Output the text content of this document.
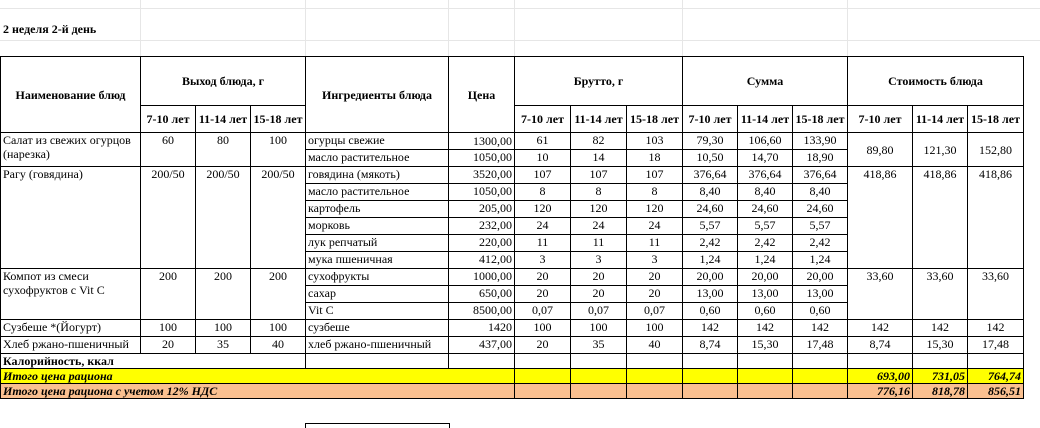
2 неделя 2-й день
Наименование блюд	Выход блюда, г			Ингредиенты блюда	Цена	Брутто, г			Сумма			Стоимость блюда		
	7-10 лет	11-14 лет	15-18 лет			7-10 лет	11-14 лет	15-18 лет	7-10 лет	11-14 лет	15-18 лет	7-10 лет	11-14 лет	15-18 лет
Салат из свежих огурцов (нарезка)	60	80	100	огурцы свежие	1300,00	61	82	103	79,30	106,60	133,90	89,80	121,30	152,80
				масло растительное	1050,00	10	14	18	10,50	14,70	18,90			
Рагу (говядина)	200/50	200/50	200/50	говядина (мякоть)	3520,00	107	107	107	376,64	376,64	376,64	418,86	418,86	418,86
				масло растительное	1050,00	8	8	8	8,40	8,40	8,40			
				картофель	205,00	120	120	120	24,60	24,60	24,60			
				морковь	232,00	24	24	24	5,57	5,57	5,57			
				лук репчатый	220,00	11	11	11	2,42	2,42	2,42			
				мука пшеничная	412,00	3	3	3	1,24	1,24	1,24			
Компот из смеси сухофруктов с Vit C	200	200	200	сухофрукты	1000,00	20	20	20	20,00	20,00	20,00	33,60	33,60	33,60
				сахар	650,00	20	20	20	13,00	13,00	13,00			
				Vit C	8500,00	0,07	0,07	0,07	0,60	0,60	0,60			
Сузбеше *(Йогурт)	100	100	100	сузбеше	1420	100	100	100	142	142	142	142	142	142
Хлеб ржано-пшеничный	20	35	40	хлеб ржано-пшеничный	437,00	20	35	40	8,74	15,30	17,48	8,74	15,30	17,48
Калорийность, ккал														
Итого цена рациона												693,00	731,05	764,74
Итого цена рациона с учетом 12% НДС												776,16	818,78	856,51
